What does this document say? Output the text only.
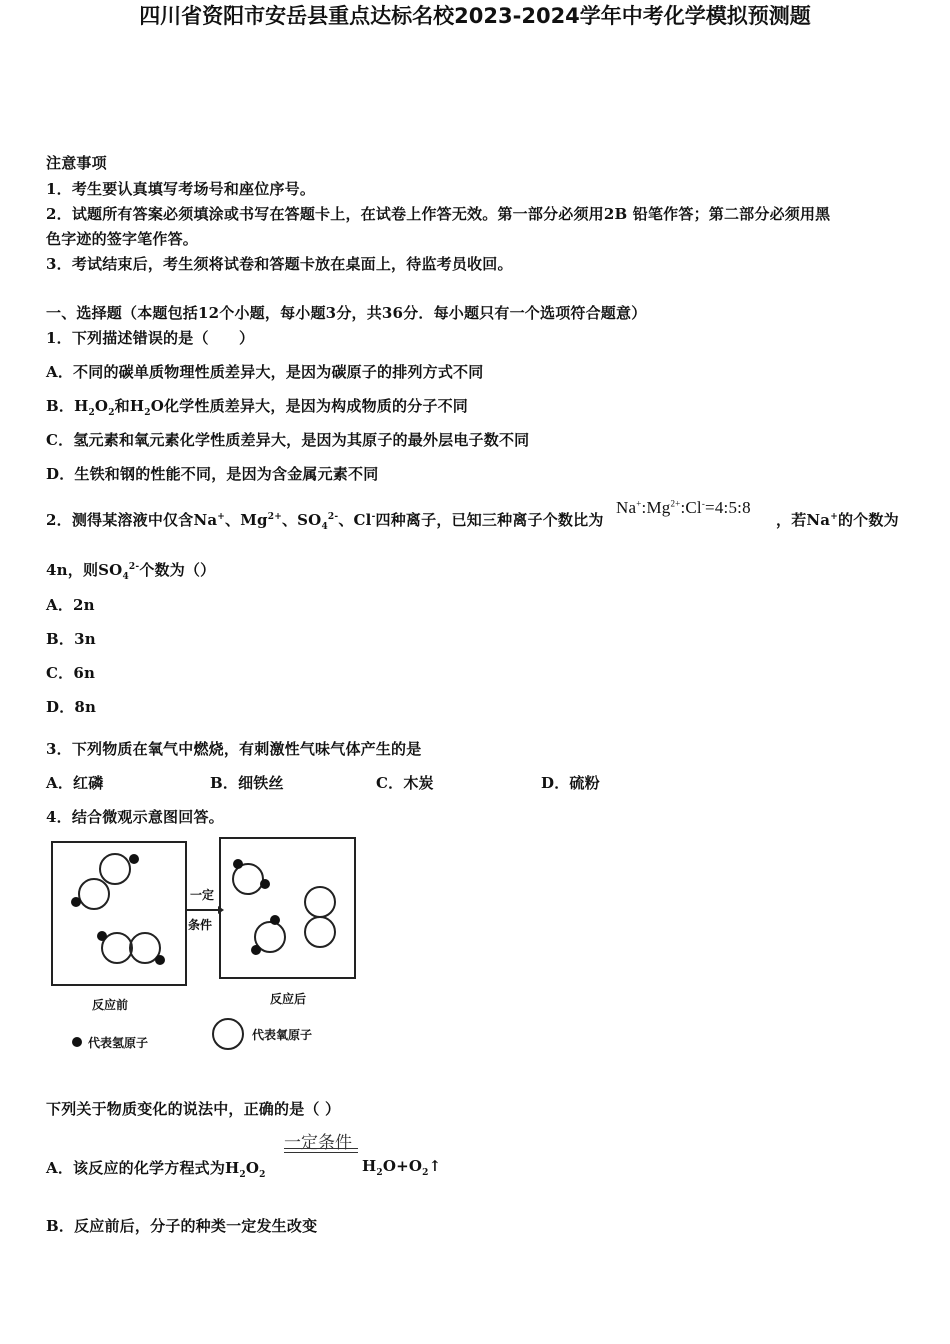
四川省资阳市安岳县重点达标名校2023-2024学年中考化学模拟预测题
注意事项
1．考生要认真填写考场号和座位序号。
2．试题所有答案必须填涂或书写在答题卡上，在试卷上作答无效。第一部分必须用2B 铅笔作答；第二部分必须用黑
色字迹的签字笔作答。
3．考试结束后，考生须将试卷和答题卡放在桌面上，待监考员收回。
一、选择题（本题包括12个小题，每小题3分，共36分．每小题只有一个选项符合题意）
1．下列描述错误的是（　　）
A．不同的碳单质物理性质差异大，是因为碳原子的排列方式不同
B．$H_2O_2$和$H_2O$化学性质差异大，是因为构成物质的分子不同
C．氢元素和氧元素化学性质差异大，是因为其原子的最外层电子数不同
D．生铁和钢的性能不同，是因为含金属元素不同
2．测得某溶液中仅含Na+、$Mg^{2+}$、$SO_4^{2-}$、Cl-四种离子，已知三种离子个数比为
$Na^+:Mg^{2+}:Cl^-=4:5:8$
，若Na+的个数为
4n，则$SO_4^{2-}$个数为（）
A．2n
B．3n
C．6n
D．8n
3．下列物质在氧气中燃烧，有刺激性气味气体产生的是
A．红磷	B．细铁丝	C．木炭	D．硫粉
4．结合微观示意图回答。
一定
条件
反应前	反应后
代表氢原子
代表氧原子
下列关于物质变化的说法中，正确的是（ ）
A．该反应的化学方程式为$H_2O_2$
一定条件
$H_2O+O_2↑$
B．反应前后，分子的种类一定发生改变
